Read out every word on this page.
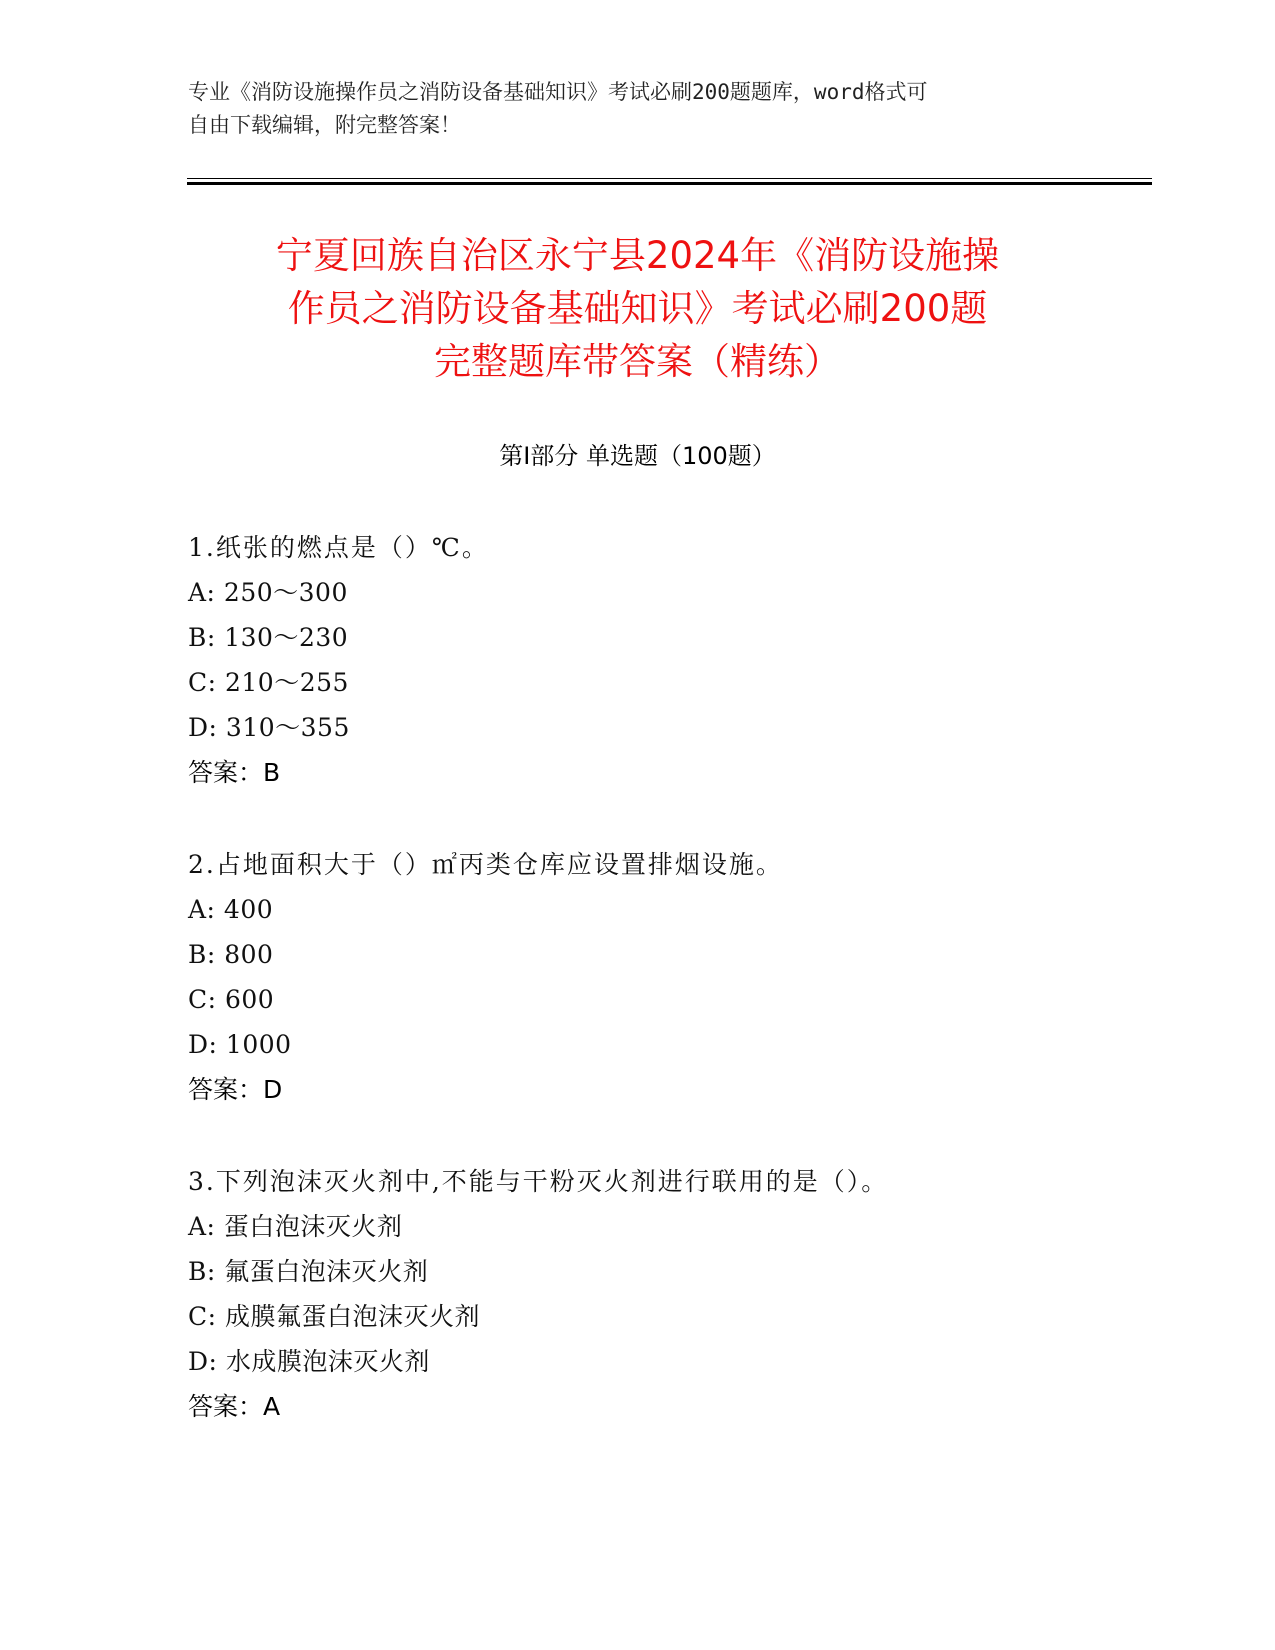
专业《消防设施操作员之消防设备基础知识》考试必刷200题题库，word格式可
自由下载编辑，附完整答案！
宁夏回族自治区永宁县2024年《消防设施操
作员之消防设备基础知识》考试必刷200题
完整题库带答案（精练）
第Ⅰ部分 单选题（100题）
1.纸张的燃点是（）℃。
A: 250～300
B: 130～230
C: 210～255
D: 310～355
答案：B
2.占地面积大于（）㎡丙类仓库应设置排烟设施。
A: 400
B: 800
C: 600
D: 1000
答案：D
3.下列泡沫灭火剂中,不能与干粉灭火剂进行联用的是（）。
A: 蛋白泡沫灭火剂
B: 氟蛋白泡沫灭火剂
C: 成膜氟蛋白泡沫灭火剂
D: 水成膜泡沫灭火剂
答案：A
